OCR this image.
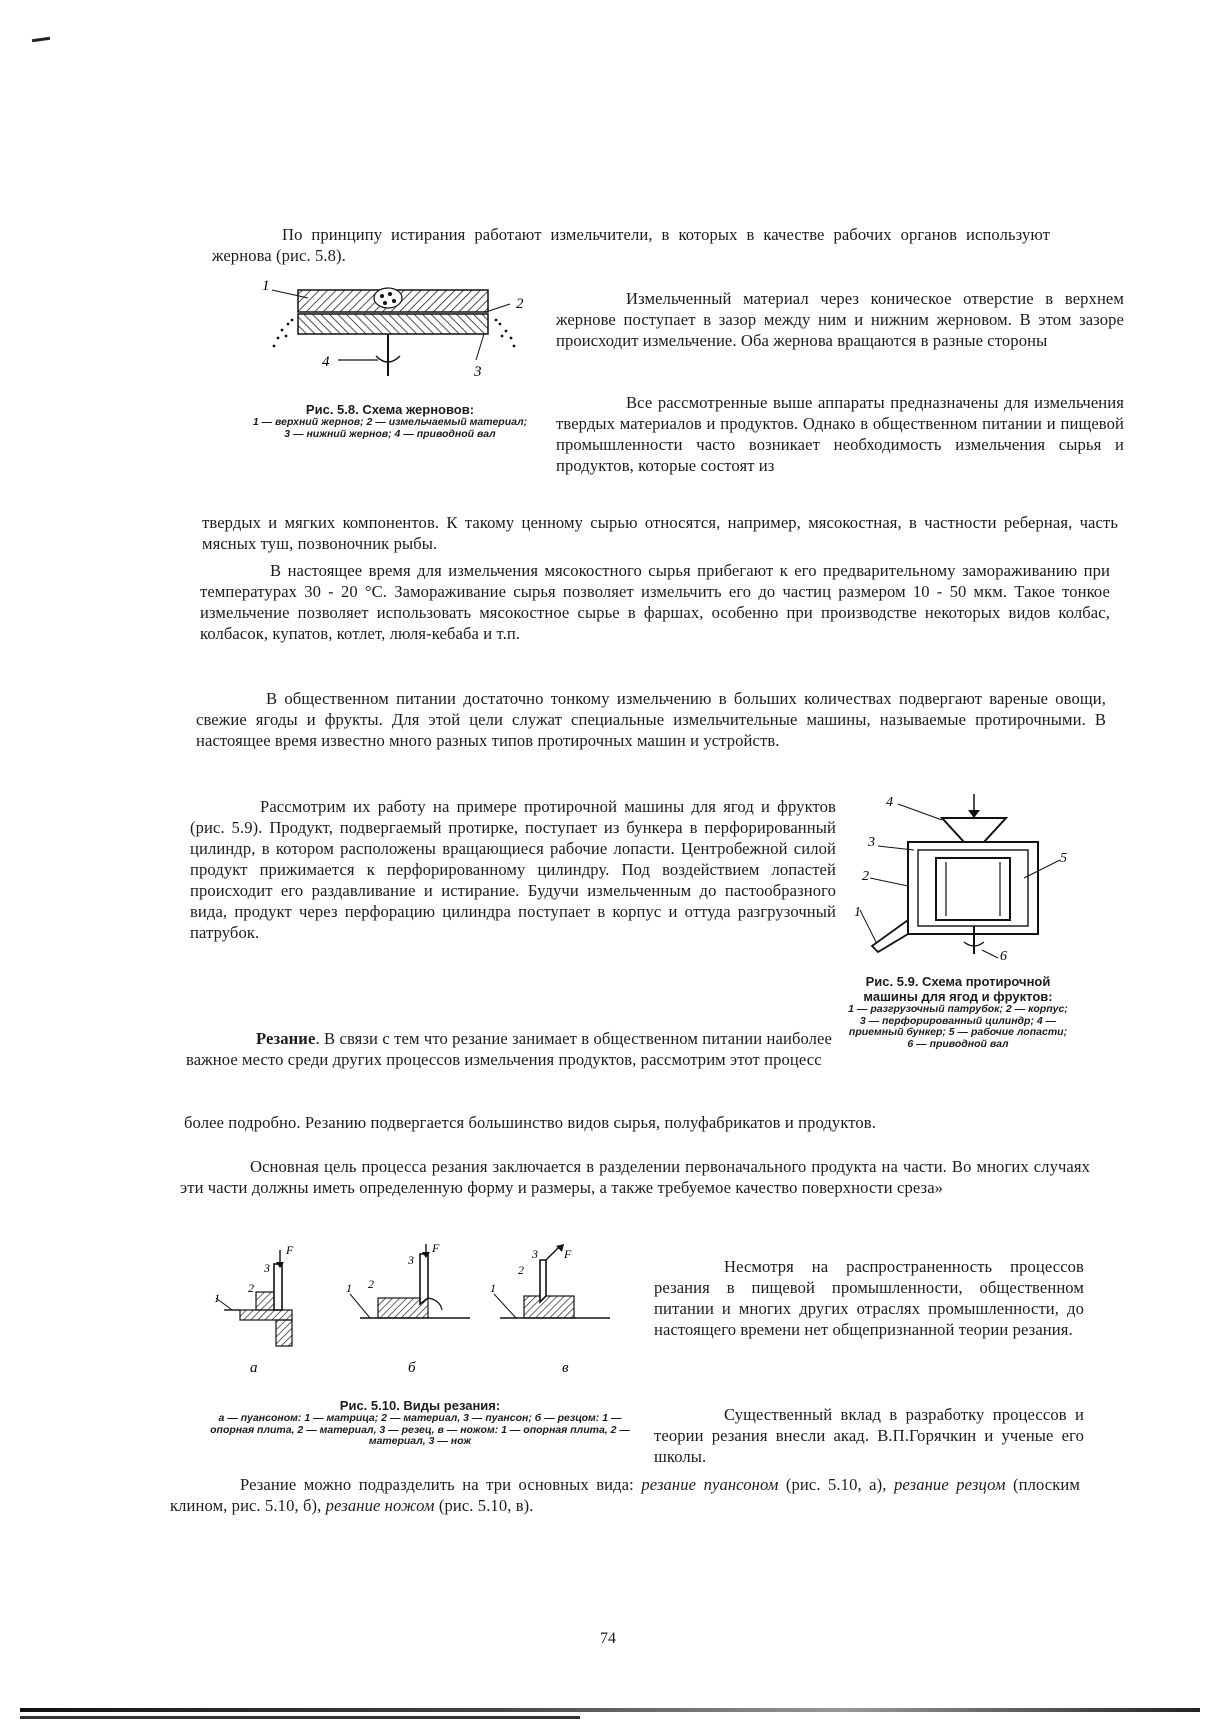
По принципу истирания работают измельчители, в которых в качестве рабочих органов используют жернова (рис. 5.8).

1
2
3
4

Рис. 5.8. Схема жерновов:
1 — верхний жернов; 2 — измельчаемый материал; 3 — нижний жернов; 4 — приводной вал

Измельченный материал через коническое отверстие в верхнем жернове поступает в зазор между ним и нижним жерновом. В этом зазоре происходит измельчение. Оба жернова вращаются в разные стороны

Все рассмотренные выше аппараты предназначены для измельчения твердых материалов и продуктов. Однако в общественном питании и пищевой промышленности часто возникает необходимость измельчения сырья и продуктов, которые состоят из

твердых и мягких компонентов. К такому ценному сырью относятся, например, мясокостная, в частности реберная, часть мясных туш, позвоночник рыбы.

В настоящее время для измельчения мясокостного сырья прибегают к его предварительному замораживанию при температурах 30 - 20 °С. Замораживание сырья позволяет измельчить его до частиц размером 10 - 50 мкм. Такое тонкое измельчение позволяет использовать мясокостное сырье в фаршах, особенно при производстве некоторых видов колбас, колбасок, купатов, котлет, люля-кебаба и т.п.

В общественном питании достаточно тонкому измельчению в больших количествах подвергают вареные овощи, свежие ягоды и фрукты. Для этой цели служат специальные измельчительные машины, называемые протирочными. В настоящее время известно много разных типов протирочных машин и устройств.

Рассмотрим их работу на примере протирочной машины для ягод и фруктов (рис. 5.9). Продукт, подвергаемый протирке, поступает из бункера в перфорированный цилиндр, в котором расположены вращающиеся рабочие лопасти. Центробежной силой продукт прижимается к перфорированному цилиндру. Под воздействием лопастей происходит его раздавливание и истирание. Будучи измельченным до пастообразного вида, продукт через перфорацию цилиндра поступает в корпус и оттуда разгрузочный патрубок.

1
2
3
4
5
6

Рис. 5.9. Схема протирочной машины для ягод и фруктов:
1 — разгрузочный патрубок; 2 — корпус; 3 — перфорированный цилиндр; 4 — приемный бункер; 5 — рабочие лопасти; 6 — приводной вал

Резание. В связи с тем что резание занимает в общественном питании наиболее важное место среди других процессов измельчения продуктов, рассмотрим этот процесс

более подробно. Резанию подвергается большинство видов сырья, полуфабрикатов и продуктов.

Основная цель процесса резания заключается в разделении первоначального продукта на части. Во многих случаях эти части должны иметь определенную форму и размеры, а также требуемое качество поверхности среза»

1
2
3
F
а
1 2
3
F
б
1
2
3 F
в

Рис. 5.10. Виды резания:
а — пуансоном: 1 — матрица; 2 — материал, 3 — пуансон; б — резцом: 1 — опорная плита, 2 — материал, 3 — резец, в — ножом: 1 — опорная плита, 2 — материал, 3 — нож

Несмотря на распространенность процессов резания в пищевой промышленности, общественном питании и многих других отраслях промышленности, до настоящего времени нет общепризнанной теории резания.

Существенный вклад в разработку процессов и теории резания внесли акад. В.П.Горячкин и ученые его школы.

Резание можно подразделить на три основных вида: резание пуансоном (рис. 5.10, а), резание резцом (плоским клином, рис. 5.10, б), резание ножом (рис. 5.10, в).

74
